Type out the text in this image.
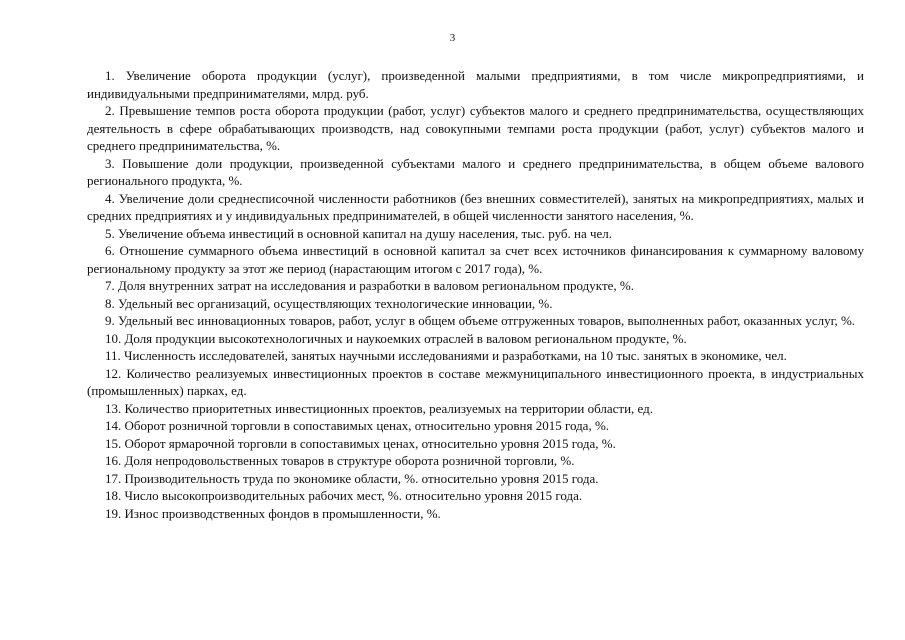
3

1. Увеличение оборота продукции (услуг), произведенной малыми предприятиями, в том числе микропредприятиями, и индивидуальными предпринимателями, млрд. руб.

2. Превышение темпов роста оборота продукции (работ, услуг) субъектов малого и среднего предпринимательства, осуществляющих деятельность в сфере обрабатывающих производств, над совокупными темпами роста продукции (работ, услуг) субъектов малого и среднего предпринимательства, %.

3. Повышение доли продукции, произведенной субъектами малого и среднего предпринимательства, в общем объеме валового регионального продукта, %.

4. Увеличение доли среднесписочной численности работников (без внешних совместителей), занятых на микропредприятиях, малых и средних предприятиях и у индивидуальных предпринимателей, в общей численности занятого населения, %.

5. Увеличение объема инвестиций в основной капитал на душу населения, тыс. руб. на чел.

6. Отношение суммарного объема инвестиций в основной капитал за счет всех источников финансирования к суммарному валовому региональному продукту за этот же период (нарастающим итогом с 2017 года), %.

7. Доля внутренних затрат на исследования и разработки в валовом региональном продукте, %.

8. Удельный вес организаций, осуществляющих технологические инновации, %.

9. Удельный вес инновационных товаров, работ, услуг в общем объеме отгруженных товаров, выполненных работ, оказанных услуг, %.

10. Доля продукции высокотехнологичных и наукоемких отраслей в валовом региональном продукте, %.

11. Численность исследователей, занятых научными исследованиями и разработками, на 10 тыс. занятых в экономике, чел.

12. Количество реализуемых инвестиционных проектов в составе межмуниципального инвестиционного проекта, в индустриальных (промышленных) парках, ед.

13. Количество приоритетных инвестиционных проектов, реализуемых на территории области, ед.

14. Оборот розничной торговли в сопоставимых ценах, относительно уровня 2015 года, %.

15. Оборот ярмарочной торговли в сопоставимых ценах, относительно уровня 2015 года, %.

16. Доля непродовольственных товаров в структуре оборота розничной торговли, %.

17. Производительность труда по экономике области, %. относительно уровня 2015 года.

18. Число высокопроизводительных рабочих мест, %. относительно уровня 2015 года.

19. Износ производственных фондов в промышленности, %.
